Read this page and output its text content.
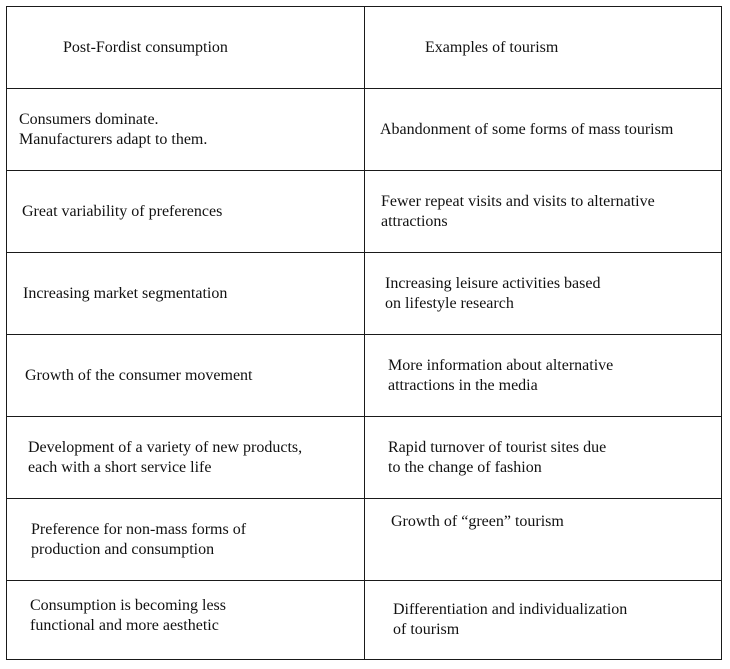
Post-Fordist consumption	Examples of tourism
Consumers dominate.
Manufacturers adapt to them.
Abandonment of some forms of mass tourism
Great variability of preferences
Fewer repeat visits and visits to alternative
attractions
Increasing market segmentation
Increasing leisure activities based
on lifestyle research
Growth of the consumer movement
More information about alternative
attractions in the media
Development of a variety of new products,
each with a short service life
Rapid turnover of tourist sites due
to the change of fashion
Preference for non-mass forms of
production and consumption
Growth of “green” tourism
Consumption is becoming less
functional and more aesthetic
Differentiation and individualization
of tourism
